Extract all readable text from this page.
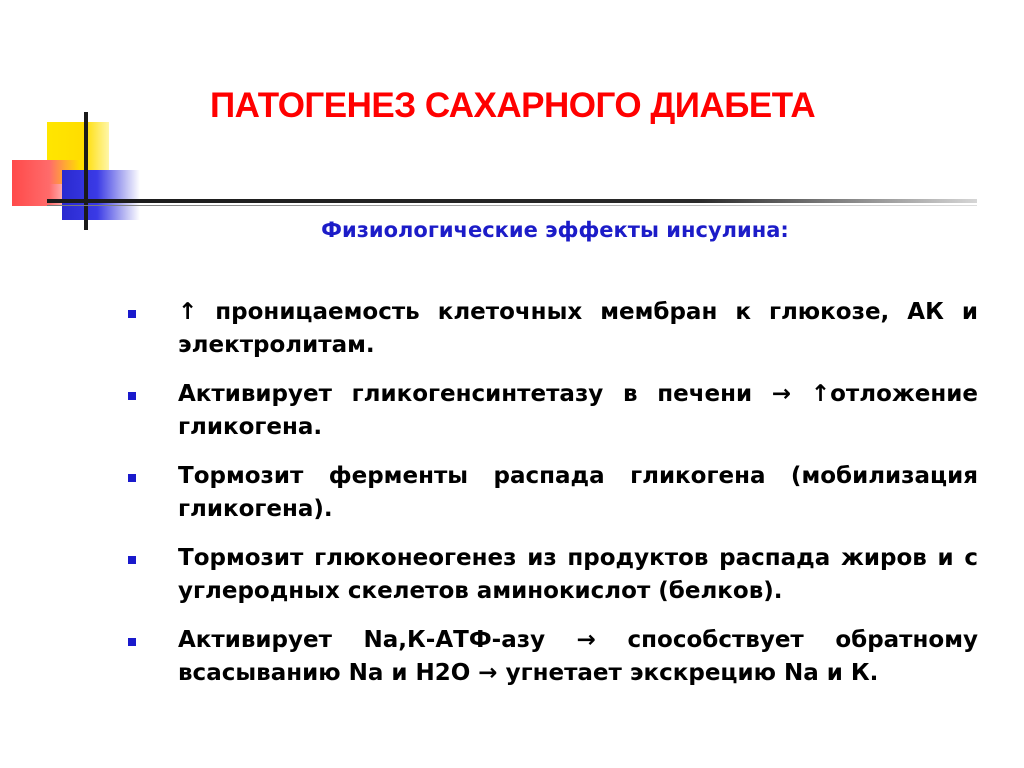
ПАТОГЕНЕЗ САХАРНОГО ДИАБЕТА
Физиологические эффекты инсулина:
↑ проницаемость клеточных мембран к глюкозе, АК и электролитам.
Активирует гликогенсинтетазу в печени → ↑отложение гликогена.
Тормозит ферменты распада гликогена (мобилизация гликогена).
Тормозит глюконеогенез из продуктов распада жиров и с углеродных скелетов аминокислот (белков).
Активирует Na,К-АТФ-азу → способствует обратному всасыванию Na и Н2О → угнетает экскрецию Na и К.
